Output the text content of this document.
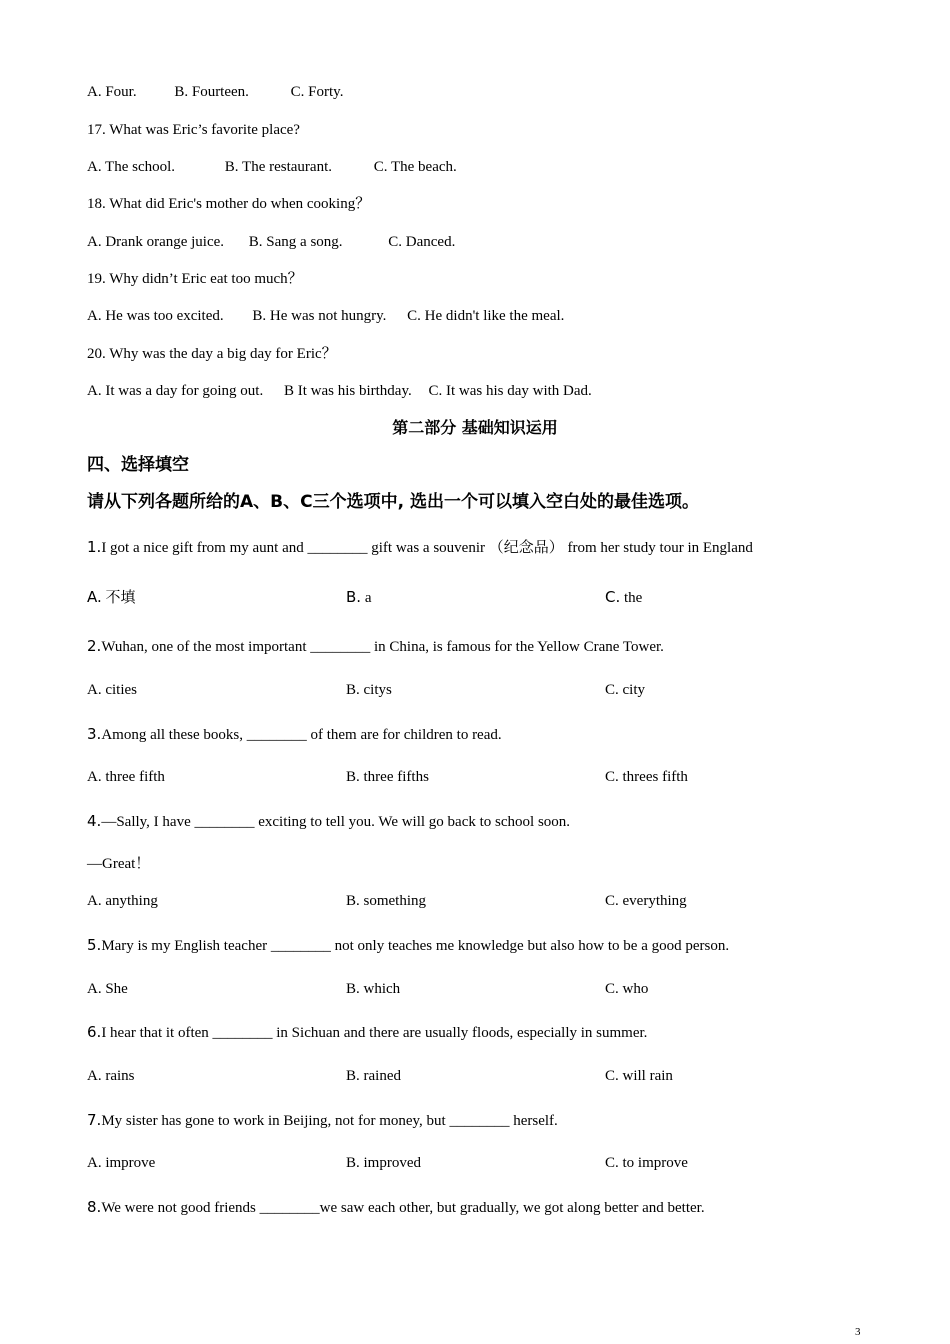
A. Four.	B. Fourteen.	C. Forty.
17. What was Eric’s favorite place?
A. The school.	B. The restaurant.	C. The beach.
18. What did Eric's mother do when cooking？
A. Drank orange juice. B. Sang a song.	C. Danced.
19. Why didn’t Eric eat too much？
A. He was too excited. B. He was not hungry. C. He didn't like the meal.
20. Why was the day a big day for Eric？
A. It was a day for going out. B It was his birthday. C. It was his day with Dad.
第二部分 基础知识运用
四、选择填空
请从下列各题所给的A、B、C三个选项中, 选出一个可以填入空白处的最佳选项。
1.I got a nice gift from my aunt and ________ gift was a souvenir （纪念品） from her study tour in England
A. 不填	B. a	C. the
2.Wuhan, one of the most important ________ in China, is famous for the Yellow Crane Tower.
A. cities	B. citys	C. city
3.Among all these books, ________ of them are for children to read.
A. three fifth	B. three fifths	C. threes fifth
4.—Sally, I have ________ exciting to tell you. We will go back to school soon.
—Great！
A. anything	B. something	C. everything
5.Mary is my English teacher ________ not only teaches me knowledge but also how to be a good person.
A. She	B. which	C. who
6.I hear that it often ________ in Sichuan and there are usually floods, especially in summer.
A. rains	B. rained	C. will rain
7.My sister has gone to work in Beijing, not for money, but ________ herself.
A. improve	B. improved	C. to improve
8.We were not good friends ________we saw each other, but gradually, we got along better and better.
3
